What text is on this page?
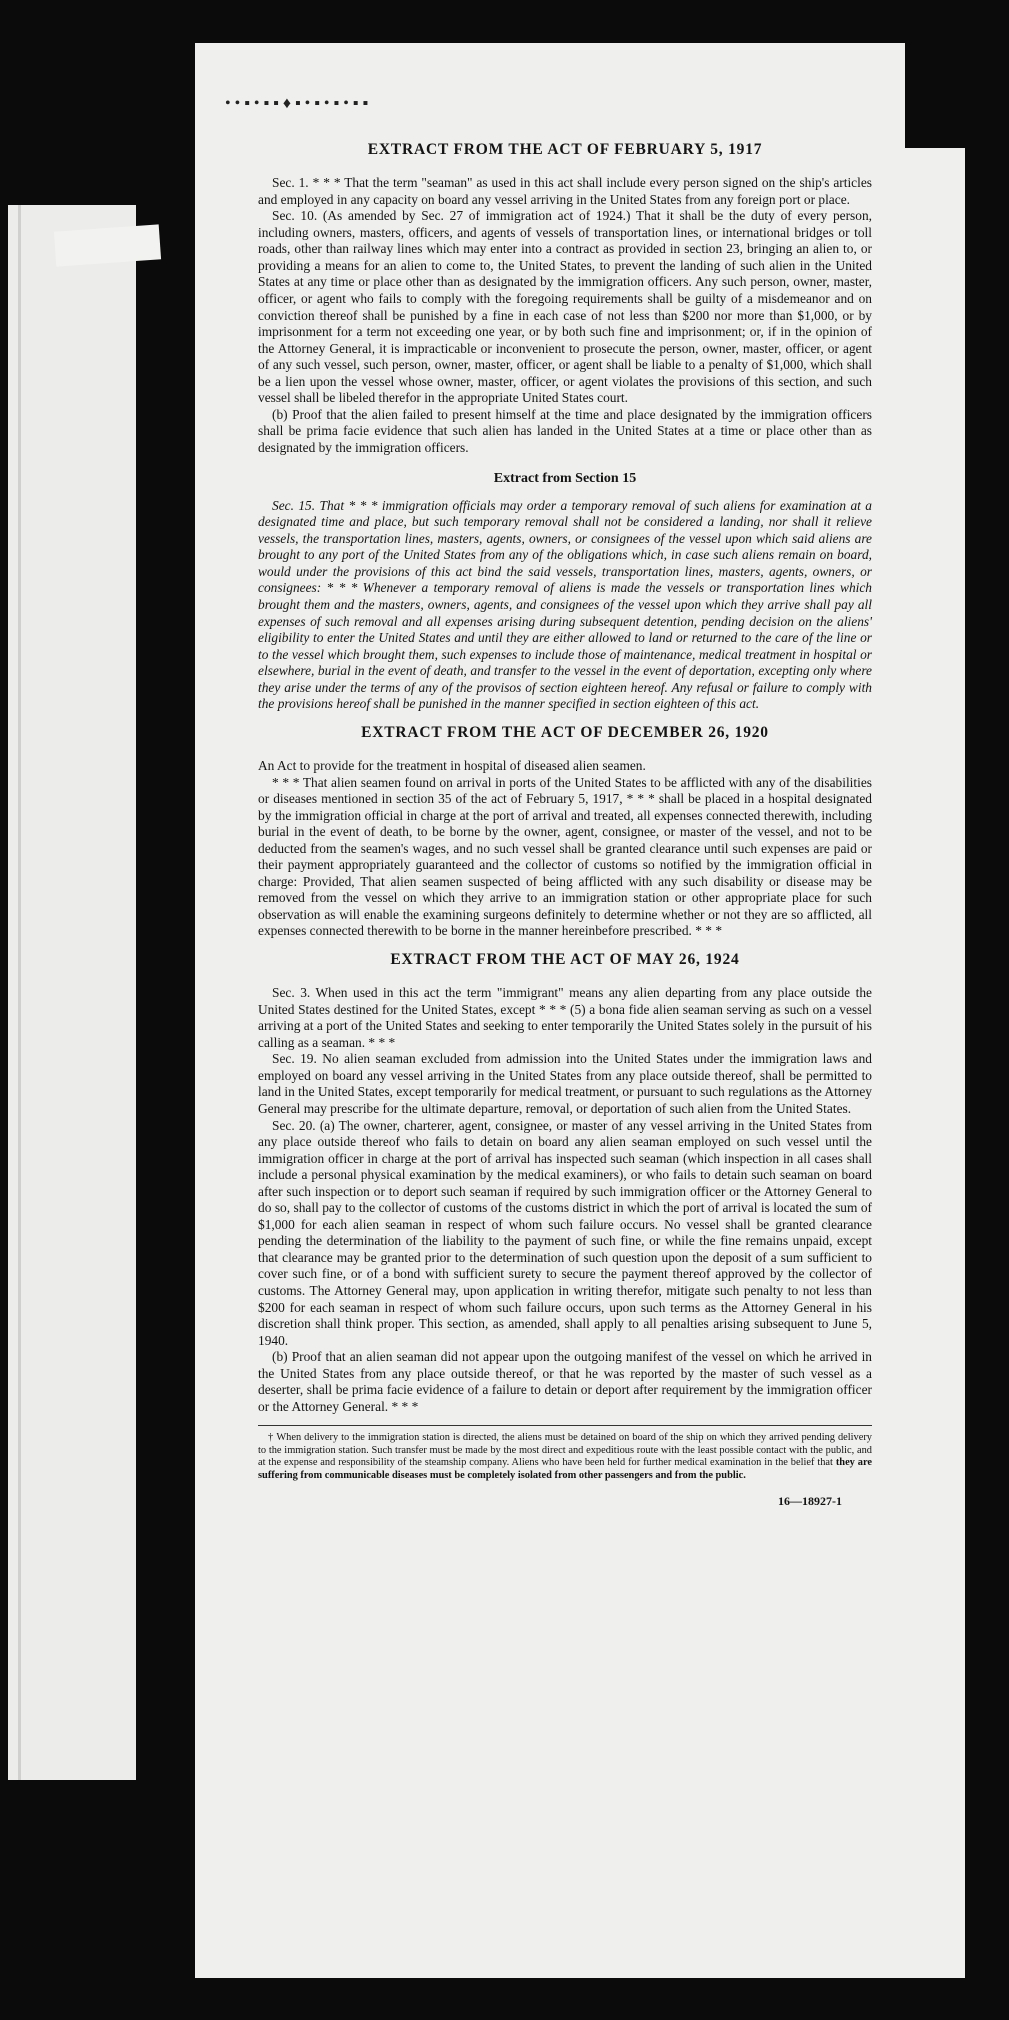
• • ▪ • ▪ ▪ ♦ ▪ • ▪ • ▪ • ▪ ▪
EXTRACT FROM THE ACT OF FEBRUARY 5, 1917

Sec. 1. * * * That the term "seaman" as used in this act shall include every person signed on the ship's articles and employed in any capacity on board any vessel arriving in the United States from any foreign port or place.

Sec. 10. (As amended by Sec. 27 of immigration act of 1924.) That it shall be the duty of every person, including owners, masters, officers, and agents of vessels of transportation lines, or international bridges or toll roads, other than railway lines which may enter into a contract as provided in section 23, bringing an alien to, or providing a means for an alien to come to, the United States, to prevent the landing of such alien in the United States at any time or place other than as designated by the immigration officers. Any such person, owner, master, officer, or agent who fails to comply with the foregoing requirements shall be guilty of a misdemeanor and on conviction thereof shall be punished by a fine in each case of not less than $200 nor more than $1,000, or by imprisonment for a term not exceeding one year, or by both such fine and imprisonment; or, if in the opinion of the Attorney General, it is impracticable or inconvenient to prosecute the person, owner, master, officer, or agent of any such vessel, such person, owner, master, officer, or agent shall be liable to a penalty of $1,000, which shall be a lien upon the vessel whose owner, master, officer, or agent violates the provisions of this section, and such vessel shall be libeled therefor in the appropriate United States court.

(b) Proof that the alien failed to present himself at the time and place designated by the immigration officers shall be prima facie evidence that such alien has landed in the United States at a time or place other than as designated by the immigration officers.

Extract from Section 15

Sec. 15. That * * * immigration officials may order a temporary removal of such aliens for examination at a designated time and place, but such temporary removal shall not be considered a landing, nor shall it relieve vessels, the transportation lines, masters, agents, owners, or consignees of the vessel upon which said aliens are brought to any port of the United States from any of the obligations which, in case such aliens remain on board, would under the provisions of this act bind the said vessels, transportation lines, masters, agents, owners, or consignees: * * * Whenever a temporary removal of aliens is made the vessels or transportation lines which brought them and the masters, owners, agents, and consignees of the vessel upon which they arrive shall pay all expenses of such removal and all expenses arising during subsequent detention, pending decision on the aliens' eligibility to enter the United States and until they are either allowed to land or returned to the care of the line or to the vessel which brought them, such expenses to include those of maintenance, medical treatment in hospital or elsewhere, burial in the event of death, and transfer to the vessel in the event of deportation, excepting only where they arise under the terms of any of the provisos of section eighteen hereof. Any refusal or failure to comply with the provisions hereof shall be punished in the manner specified in section eighteen of this act.

EXTRACT FROM THE ACT OF DECEMBER 26, 1920

An Act to provide for the treatment in hospital of diseased alien seamen.

* * * That alien seamen found on arrival in ports of the United States to be afflicted with any of the disabilities or diseases mentioned in section 35 of the act of February 5, 1917, * * * shall be placed in a hospital designated by the immigration official in charge at the port of arrival and treated, all expenses connected therewith, including burial in the event of death, to be borne by the owner, agent, consignee, or master of the vessel, and not to be deducted from the seamen's wages, and no such vessel shall be granted clearance until such expenses are paid or their payment appropriately guaranteed and the collector of customs so notified by the immigration official in charge: Provided, That alien seamen suspected of being afflicted with any such disability or disease may be removed from the vessel on which they arrive to an immigration station or other appropriate place for such observation as will enable the examining surgeons definitely to determine whether or not they are so afflicted, all expenses connected therewith to be borne in the manner hereinbefore prescribed. * * *

EXTRACT FROM THE ACT OF MAY 26, 1924

Sec. 3. When used in this act the term "immigrant" means any alien departing from any place outside the United States destined for the United States, except * * * (5) a bona fide alien seaman serving as such on a vessel arriving at a port of the United States and seeking to enter temporarily the United States solely in the pursuit of his calling as a seaman. * * *

Sec. 19. No alien seaman excluded from admission into the United States under the immigration laws and employed on board any vessel arriving in the United States from any place outside thereof, shall be permitted to land in the United States, except temporarily for medical treatment, or pursuant to such regulations as the Attorney General may prescribe for the ultimate departure, removal, or deportation of such alien from the United States.

Sec. 20. (a) The owner, charterer, agent, consignee, or master of any vessel arriving in the United States from any place outside thereof who fails to detain on board any alien seaman employed on such vessel until the immigration officer in charge at the port of arrival has inspected such seaman (which inspection in all cases shall include a personal physical examination by the medical examiners), or who fails to detain such seaman on board after such inspection or to deport such seaman if required by such immigration officer or the Attorney General to do so, shall pay to the collector of customs of the customs district in which the port of arrival is located the sum of $1,000 for each alien seaman in respect of whom such failure occurs. No vessel shall be granted clearance pending the determination of the liability to the payment of such fine, or while the fine remains unpaid, except that clearance may be granted prior to the determination of such question upon the deposit of a sum sufficient to cover such fine, or of a bond with sufficient surety to secure the payment thereof approved by the collector of customs. The Attorney General may, upon application in writing therefor, mitigate such penalty to not less than $200 for each seaman in respect of whom such failure occurs, upon such terms as the Attorney General in his discretion shall think proper. This section, as amended, shall apply to all penalties arising subsequent to June 5, 1940.

(b) Proof that an alien seaman did not appear upon the outgoing manifest of the vessel on which he arrived in the United States from any place outside thereof, or that he was reported by the master of such vessel as a deserter, shall be prima facie evidence of a failure to detain or deport after requirement by the immigration officer or the Attorney General. * * *

† When delivery to the immigration station is directed, the aliens must be detained on board of the ship on which they arrived pending delivery to the immigration station. Such transfer must be made by the most direct and expeditious route with the least possible contact with the public, and at the expense and responsibility of the steamship company. Aliens who have been held for further medical examination in the belief that they are suffering from communicable diseases must be completely isolated from other passengers and from the public.

16—18927-1
